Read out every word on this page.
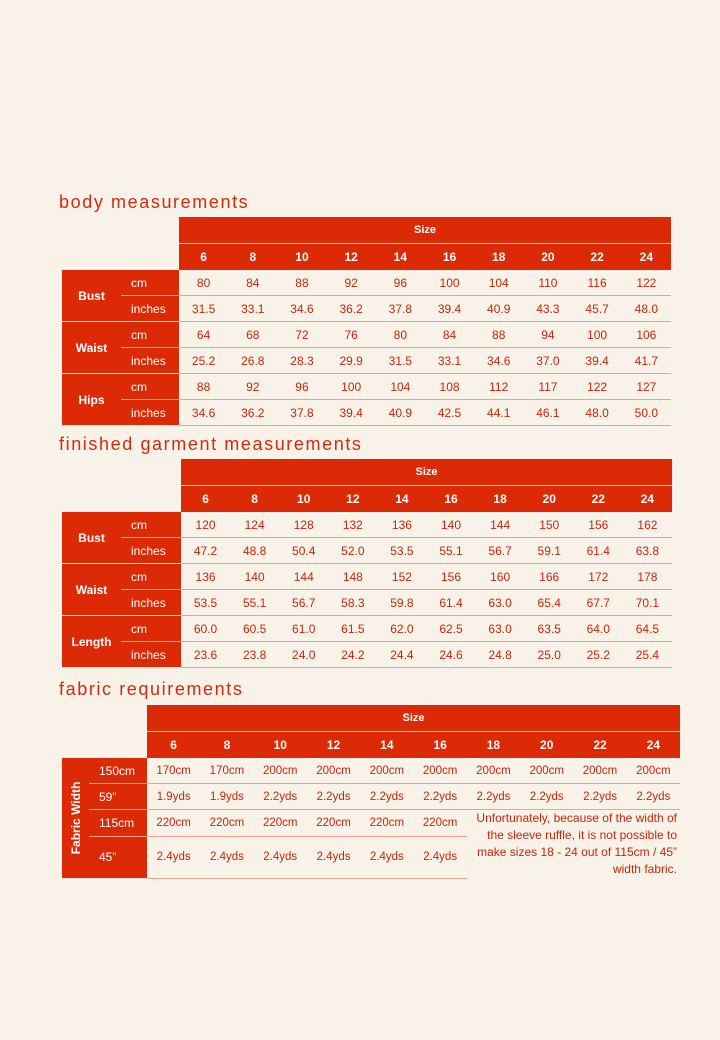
body measurements
		Size									
		6	8	10	12	14	16	18	20	22	24
Bust	cm	80	84	88	92	96	100	104	110	116	122
	inches	31.5	33.1	34.6	36.2	37.8	39.4	40.9	43.3	45.7	48.0
Waist	cm	64	68	72	76	80	84	88	94	100	106
	inches	25.2	26.8	28.3	29.9	31.5	33.1	34.6	37.0	39.4	41.7
Hips	cm	88	92	96	100	104	108	112	117	122	127
	inches	34.6	36.2	37.8	39.4	40.9	42.5	44.1	46.1	48.0	50.0
finished garment measurements
		Size									
		6	8	10	12	14	16	18	20	22	24
Bust	cm	120	124	128	132	136	140	144	150	156	162
	inches	47.2	48.8	50.4	52.0	53.5	55.1	56.7	59.1	61.4	63.8
Waist	cm	136	140	144	148	152	156	160	166	172	178
	inches	53.5	55.1	56.7	58.3	59.8	61.4	63.0	65.4	67.7	70.1
Length	cm	60.0	60.5	61.0	61.5	62.0	62.5	63.0	63.5	64.0	64.5
	inches	23.6	23.8	24.0	24.2	24.4	24.6	24.8	25.0	25.2	25.4
fabric requirements
		Size									
		6	8	10	12	14	16	18	20	22	24

Fabric Width	150cm	170cm	170cm	200cm	200cm	200cm	200cm	200cm	200cm	200cm	200cm
	59”	1.9yds	1.9yds	2.2yds	2.2yds	2.2yds	2.2yds	2.2yds	2.2yds	2.2yds	2.2yds
	115cm	220cm	220cm	220cm	220cm	220cm	220cm	Unfortunately, because of the width of the sleeve ruffle, it is not possible to make sizes 18 - 24 out of 115cm / 45” width fabric.			
	45”	2.4yds	2.4yds	2.4yds	2.4yds	2.4yds	2.4yds				
